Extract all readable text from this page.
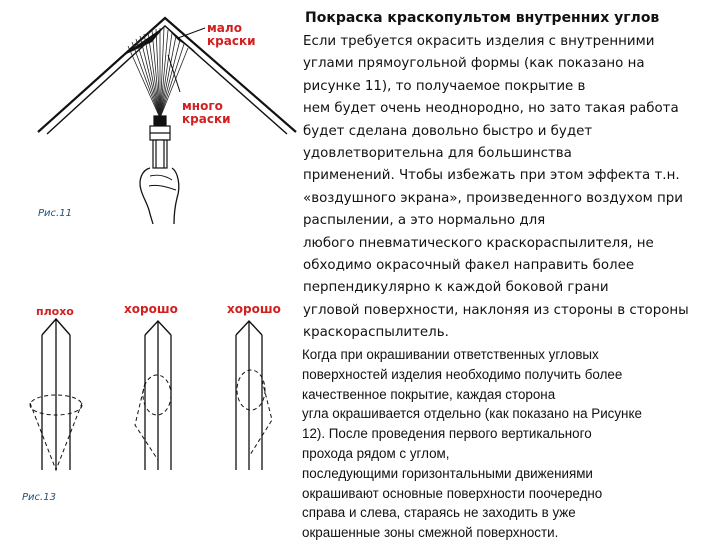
мало
краски
много
краски
Рис.11
плохо	хорошо	хорошо
Рис.13
Покраска краскопультом внутренних углов
Если требуется окрасить изделия с внутренними
углами прямоугольной формы (как показано на
рисунке 11), то получаемое покрытие в
нем будет очень неоднородно, но зато такая работа
будет сделана довольно быстро и будет
удовлетворительна для большинства
применений. Чтобы избежать при этом эффекта т.н.
«воздушного экрана», произведенного воздухом при
распылении, а это нормально для
любого пневматического краскораспылителя, не
обходимо окрасочный факел направить более
перпендикулярно к каждой боковой грани
угловой поверхности, наклоняя из стороны в стороны
краскораспылитель.
Когда при окрашивании ответственных угловых
поверхностей изделия необходимо получить более
качественное покрытие, каждая сторона
угла окрашивается отдельно (как показано на Рисунке
12). После проведения первого вертикального
прохода рядом с углом,
последующими горизонтальными движениями
окрашивают основные поверхности поочередно
справа и слева, стараясь не заходить в уже
окрашенные зоны смежной поверхности.
